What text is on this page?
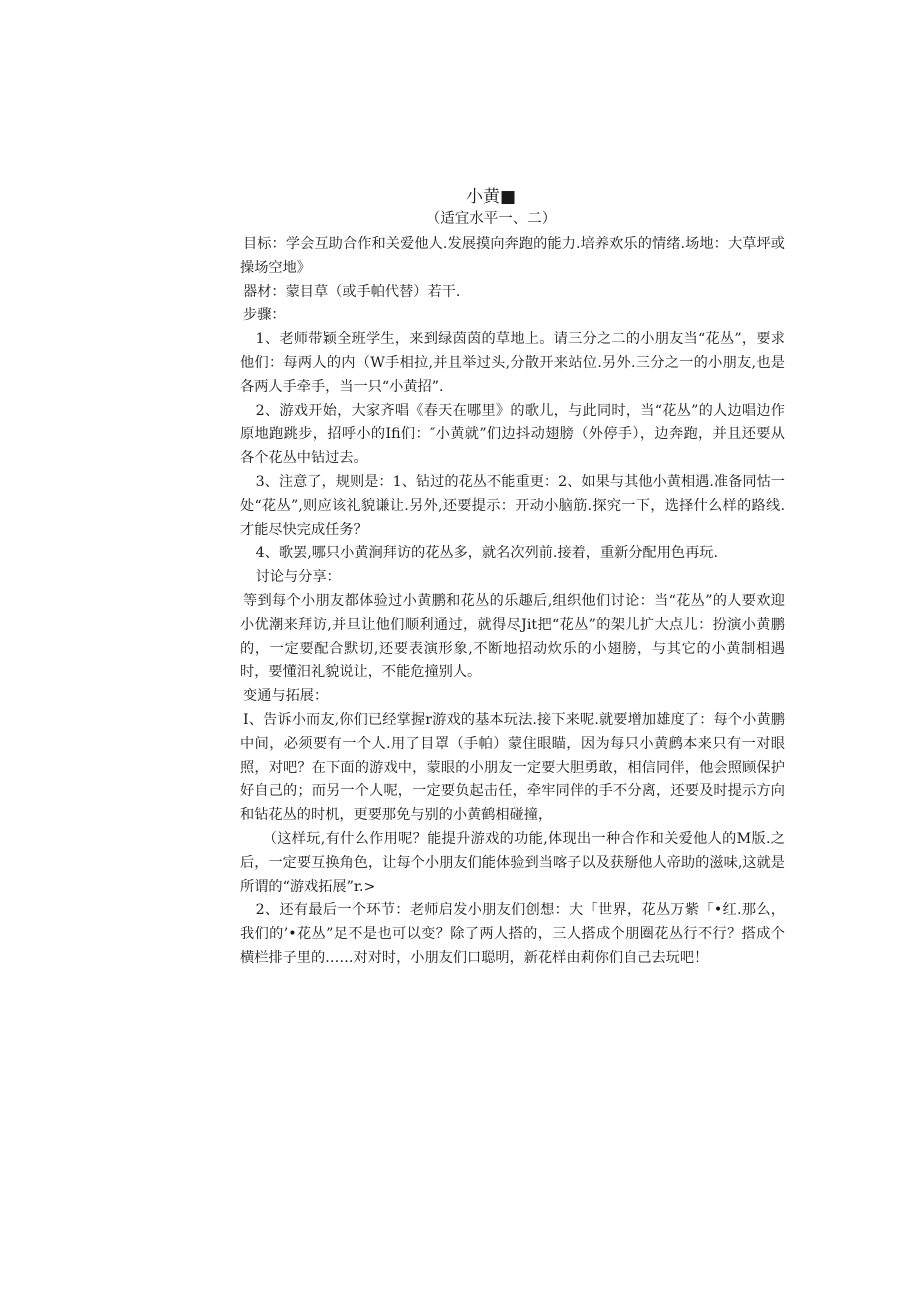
小黄■
（适宜水平一、二）

目标：学会互助合作和关爱他人.发展摸向奔跑的能力.培养欢乐的情绪.场地：大草坪或操场空地》

器材：蒙目草（或手帕代替）若干.

步骤：

1、老师带颖全班学生，来到绿茵茵的草地上。请三分之二的小朋友当“花丛”，要求他们：每两人的内（W手相拉,并且举过头,分散开来站位.另外.三分之一的小朋友,也是各两人手牵手，当一只“小黄招”.

2、游戏开始，大家齐唱《春天在哪里》的歌儿，与此同时，当“花丛”的人边唱边作原地跑跳步，招呼小的Ifi们：″小黄就”们边抖动翅膀（外停手），边奔跑，并且还要从各个花丛中钻过去。

3、注意了，规则是：1、钻过的花丛不能重更：2、如果与其他小黄相遇.准备同怙一处“花丛”,则应该礼貌谦让.另外,还要提示：开动小脑筋.探究一下，选择什么样的路线.才能尽快完成任务？

4、歌罢,哪只小黄涧拜访的花丛多，就名次列前.接着，重新分配用色再玩.

讨论与分享：

等到每个小朋友都体验过小黄鹏和花丛的乐趣后,组织他们讨论：当“花丛”的人要欢迎小优潮来拜访,并旦让他们顺利通过，就得尽Jit把“花丛”的架儿扩大点儿：扮演小黄鹏的，一定要配合默切,还要表演形象,不断地招动炊乐的小翅膀，与其它的小黄制相遇时，要懂汨礼貌说让，不能危撞别人。

变通与拓展：

I、告诉小而友,你们已经掌握r游戏的基本玩法.接下来呢.就要增加雄度了：每个小黄鹏中间，必须要有一个人.用了目罩（手帕）蒙住眼瞄，因为每只小黄鹧本来只有一对眼照，对吧？在下面的游戏中，蒙眼的小朋友一定要大胆勇敢，相信同伴，他会照顾保护好自己的；而另一个人呢，一定要负起击任，牵牢同伴的手不分离，还要及时提示方向和钻花丛的时机，更要那免与别的小黄鹤相碰撞，

（这样玩,有什么作用呢？能提升游戏的功能,体现出一种合作和关爱他人的M版.之后，一定要互换角色，让每个小朋友们能体验到当喀子以及获掰他人帝助的滋味,这就是所谓的“游戏拓展”r.>

2、还有最后一个环节：老师启发小朋友们创想：大「世界，花丛万紫「•红.那么，我们的’•花丛”足不是也可以变？除了两人搭的，三人搭成个朋圈花丛行不行？搭成个横栏排子里的……对对时，小朋友们口聪明，新花样由莉你们自己去玩吧！
